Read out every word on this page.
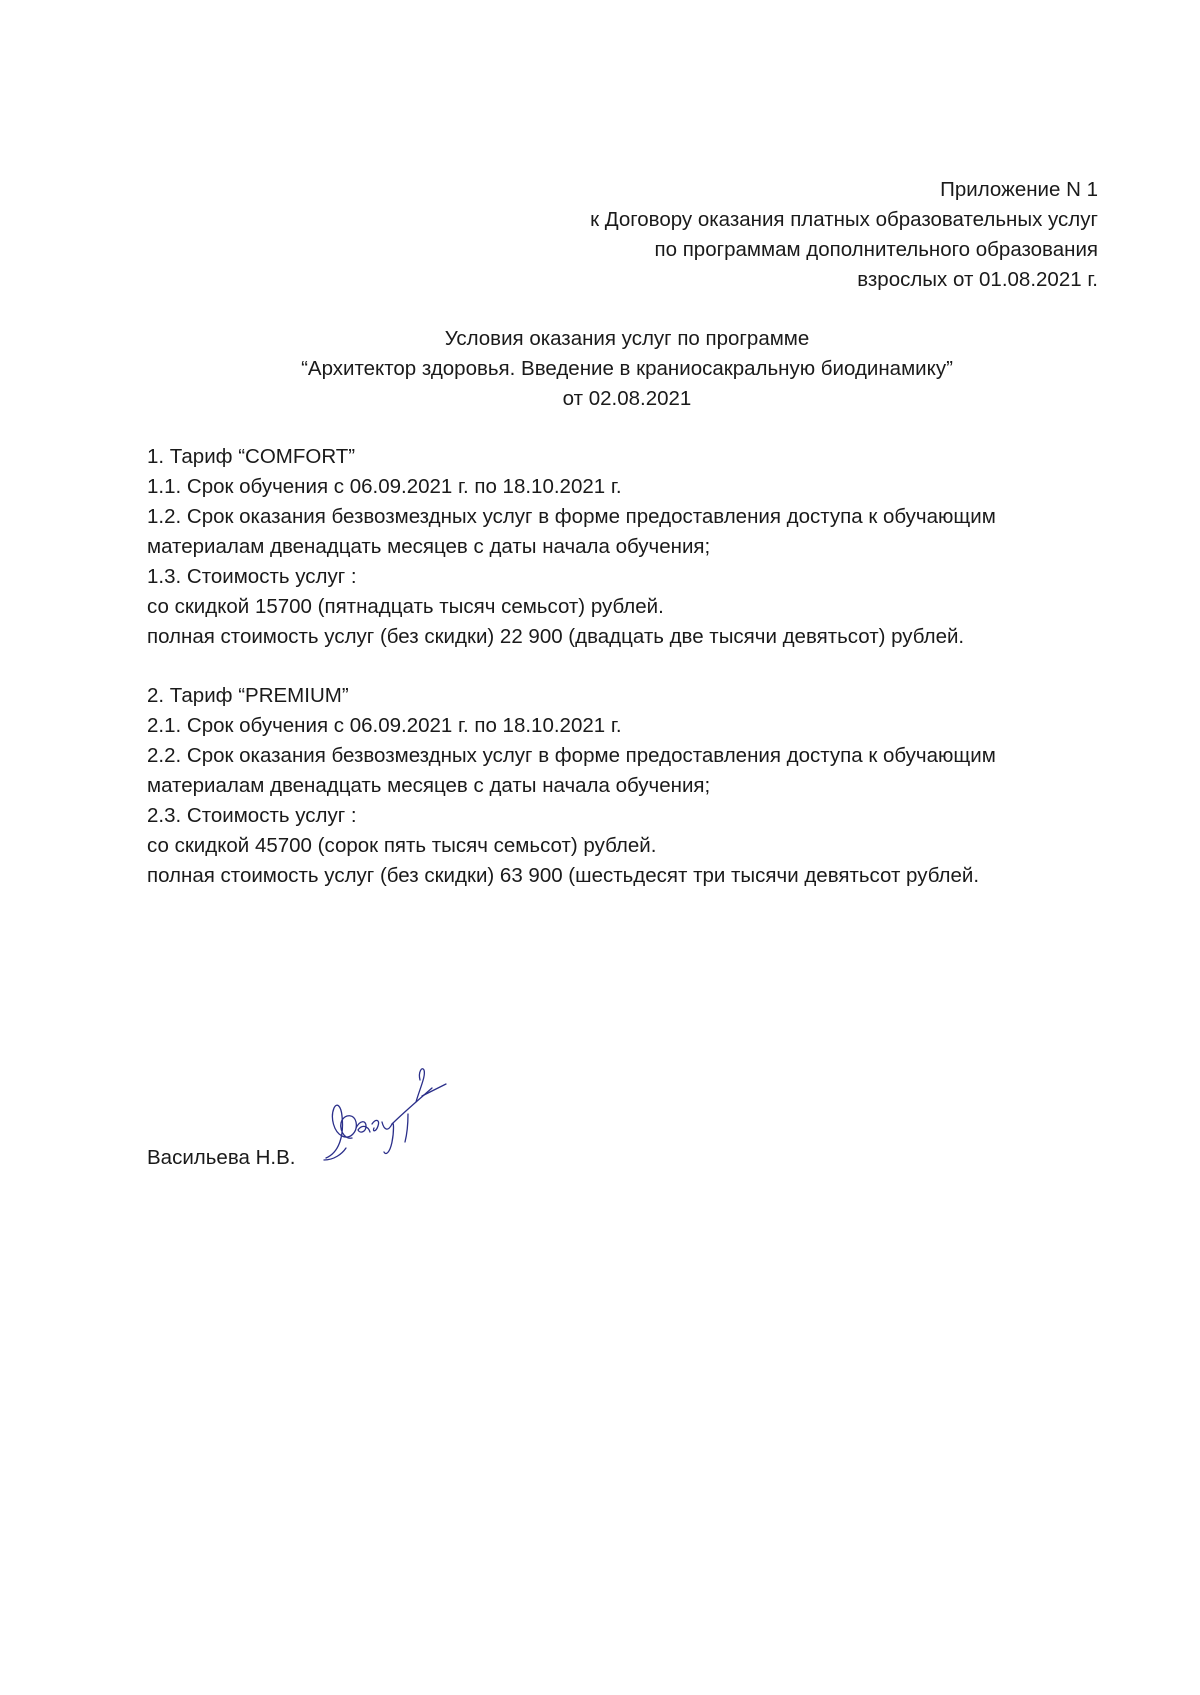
Приложение N 1
к Договору оказания платных образовательных услуг
по программам дополнительного образования
взрослых от 01.08.2021 г.
Условия оказания услуг по программе
“Архитектор здоровья. Введение в краниосакральную биодинамику”
от 02.08.2021
1. Тариф “COMFORT”
1.1. Срок обучения с 06.09.2021 г. по 18.10.2021 г.
1.2. Срок оказания безвозмездных услуг в форме предоставления доступа к обучающим
материалам двенадцать месяцев с даты начала обучения;
1.3. Стоимость услуг :
со скидкой 15700 (пятнадцать тысяч семьсот) рублей.
полная стоимость услуг (без скидки) 22 900 (двадцать две тысячи девятьсот) рублей.
2. Тариф “PREMIUM”
2.1. Срок обучения с 06.09.2021 г. по 18.10.2021 г.
2.2. Срок оказания безвозмездных услуг в форме предоставления доступа к обучающим
материалам двенадцать месяцев с даты начала обучения;
2.3. Стоимость услуг :
со скидкой 45700 (сорок пять тысяч семьсот) рублей.
полная стоимость услуг (без скидки) 63 900 (шестьдесят три тысячи девятьсот рублей.
Васильева Н.В.
